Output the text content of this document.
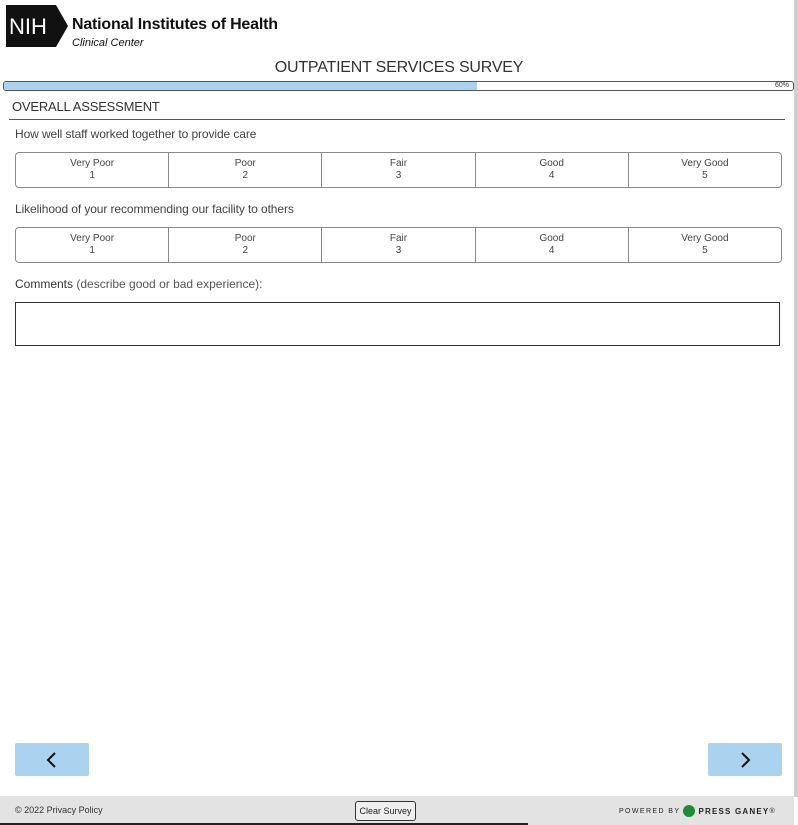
NIH National Institutes of Health
Clinical Center
OUTPATIENT SERVICES SURVEY
60%
OVERALL ASSESSMENT
How well staff worked together to provide care
Very Poor
1
Poor
2
Fair
3
Good
4
Very Good
5
Likelihood of your recommending our facility to others
Very Poor
1
Poor
2
Fair
3
Good
4
Very Good
5
Comments (describe good or bad experience):
© 2022 Privacy Policy	Clear Survey	POWERED BY PRESS GANEY ®
